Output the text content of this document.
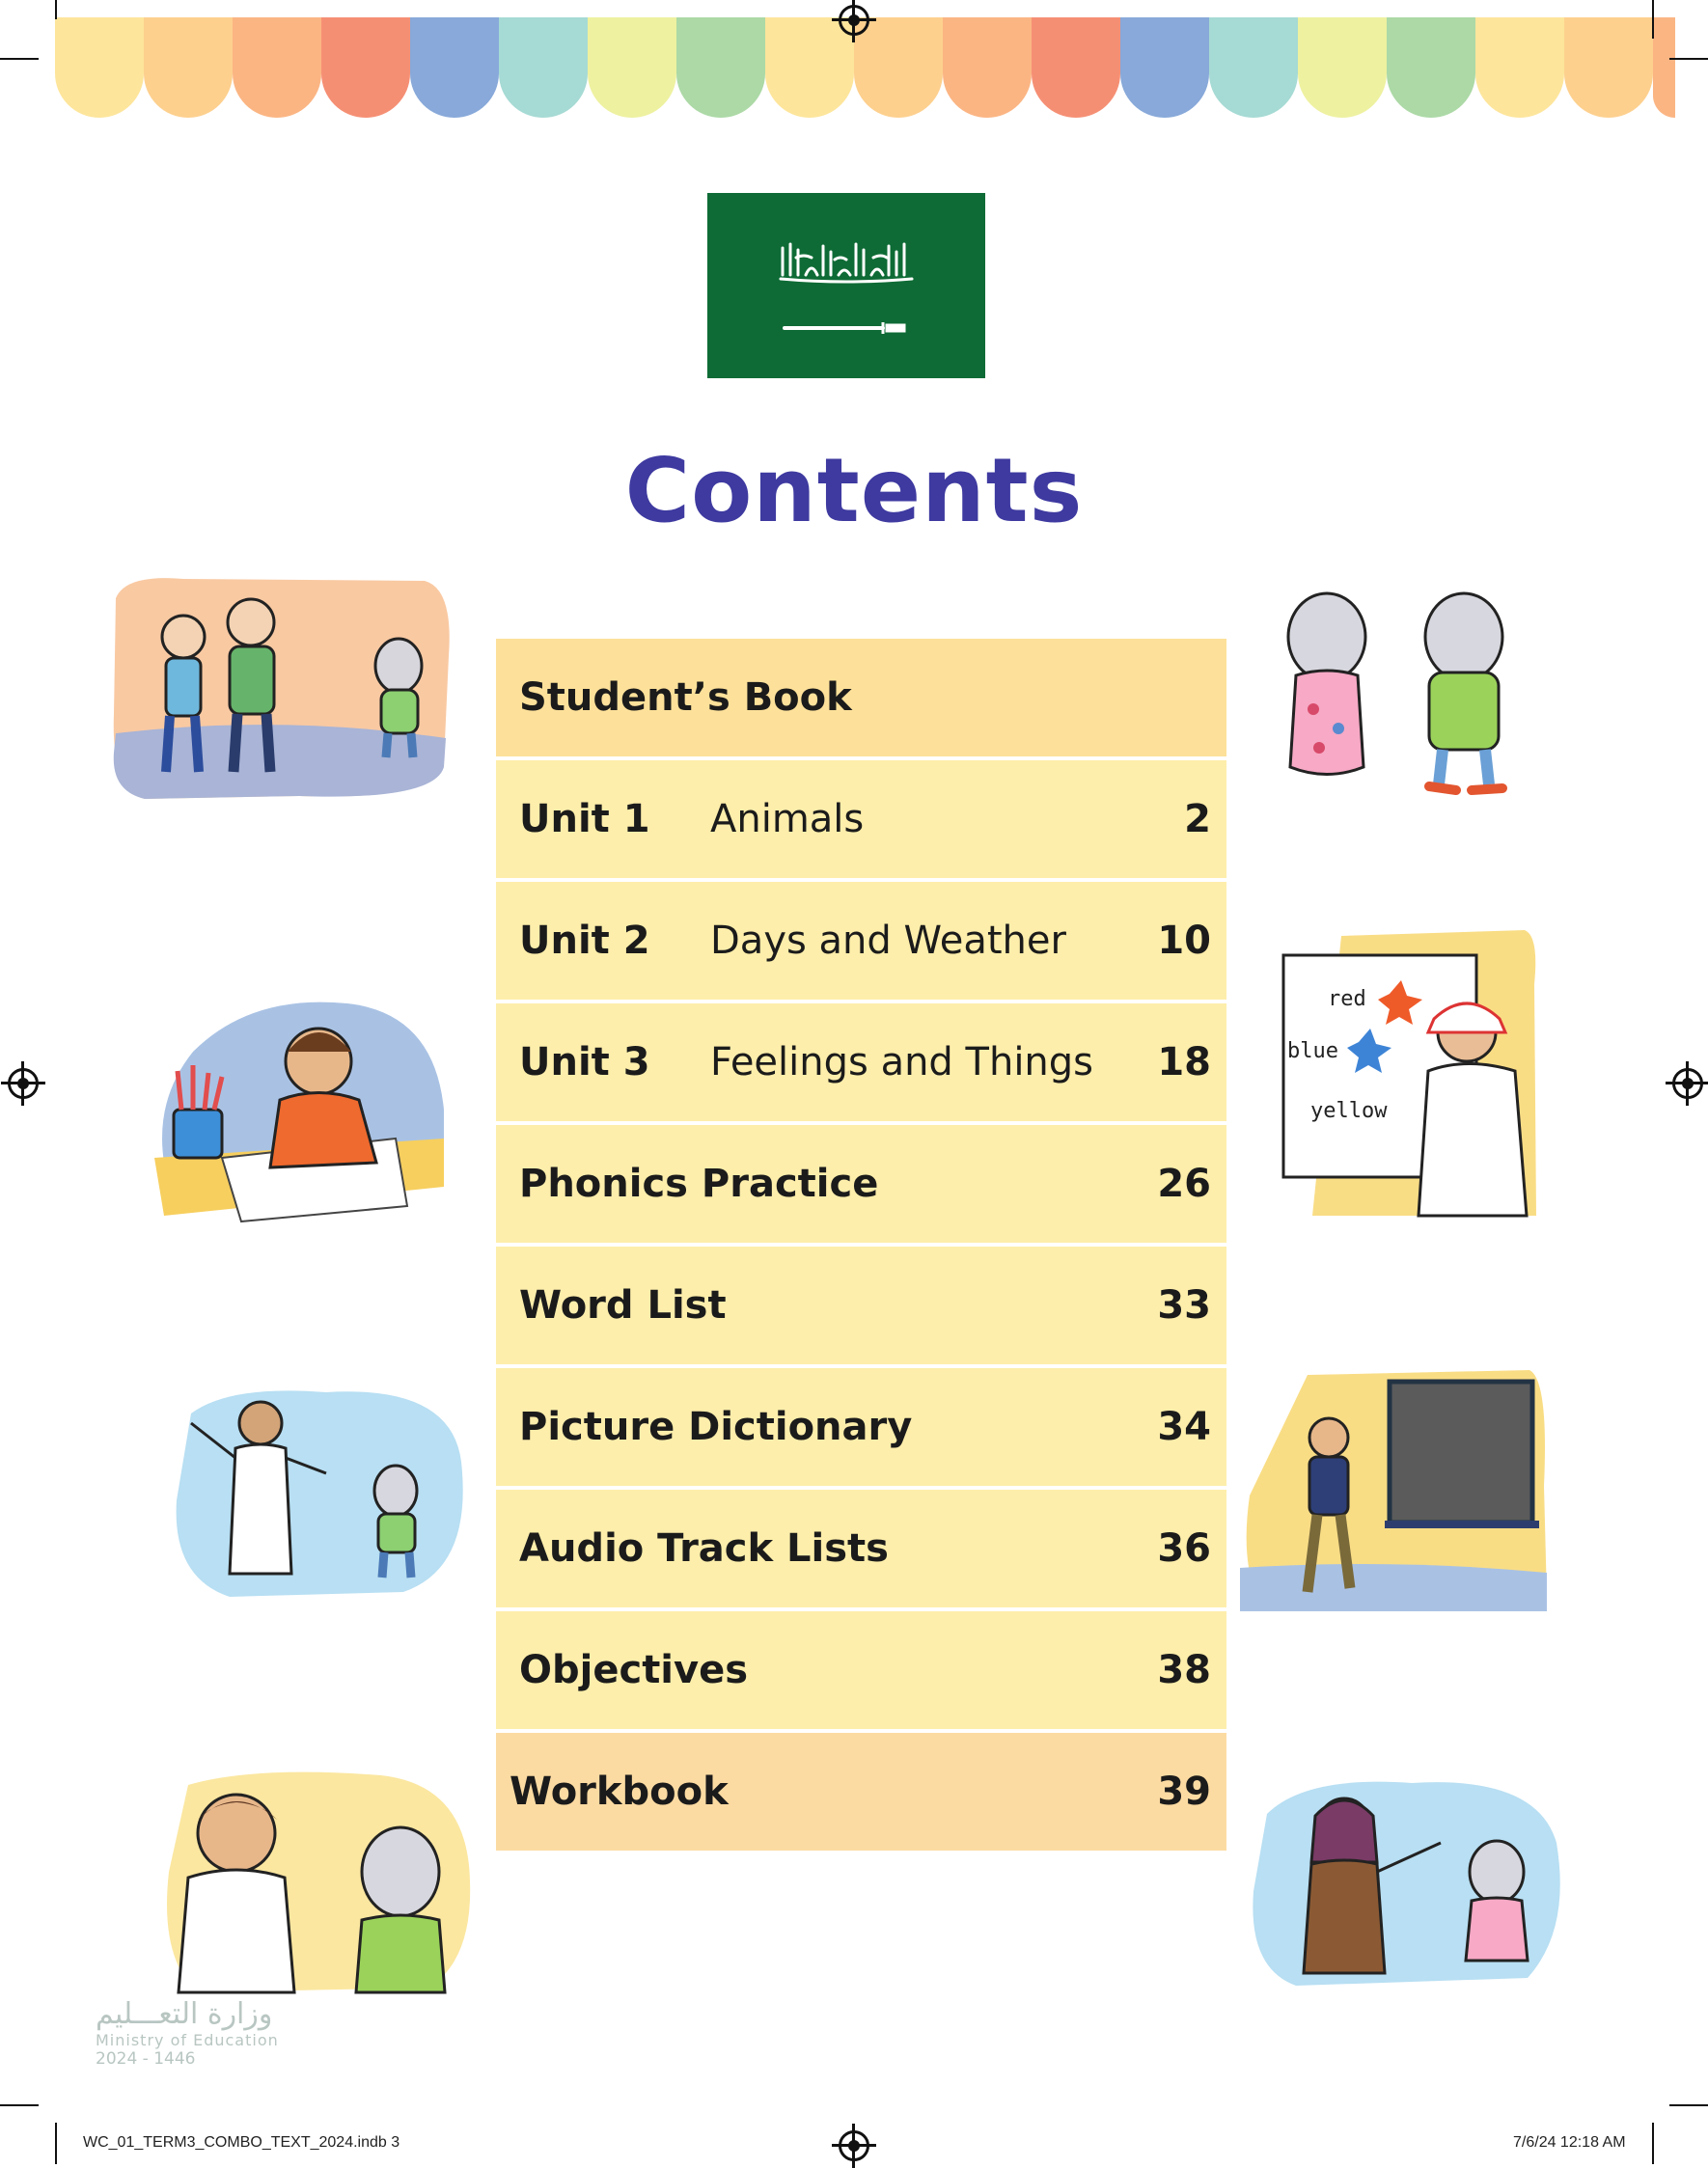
Contents
Student’s Book
Unit 1 Animals	2
Unit 2 Days and Weather 10
Unit 3 Feelings and Things 18
Phonics Practice	26
Word List	33
Picture Dictionary	34
Audio Track Lists	36
Objectives	38
Workbook	39
red
blue
yellow
وزارة التعـــليم
Ministry of Education
2024 - 1446
WC_01_TERM3_COMBO_TEXT_2024.indb 3	7/6/24 12:18 AM
